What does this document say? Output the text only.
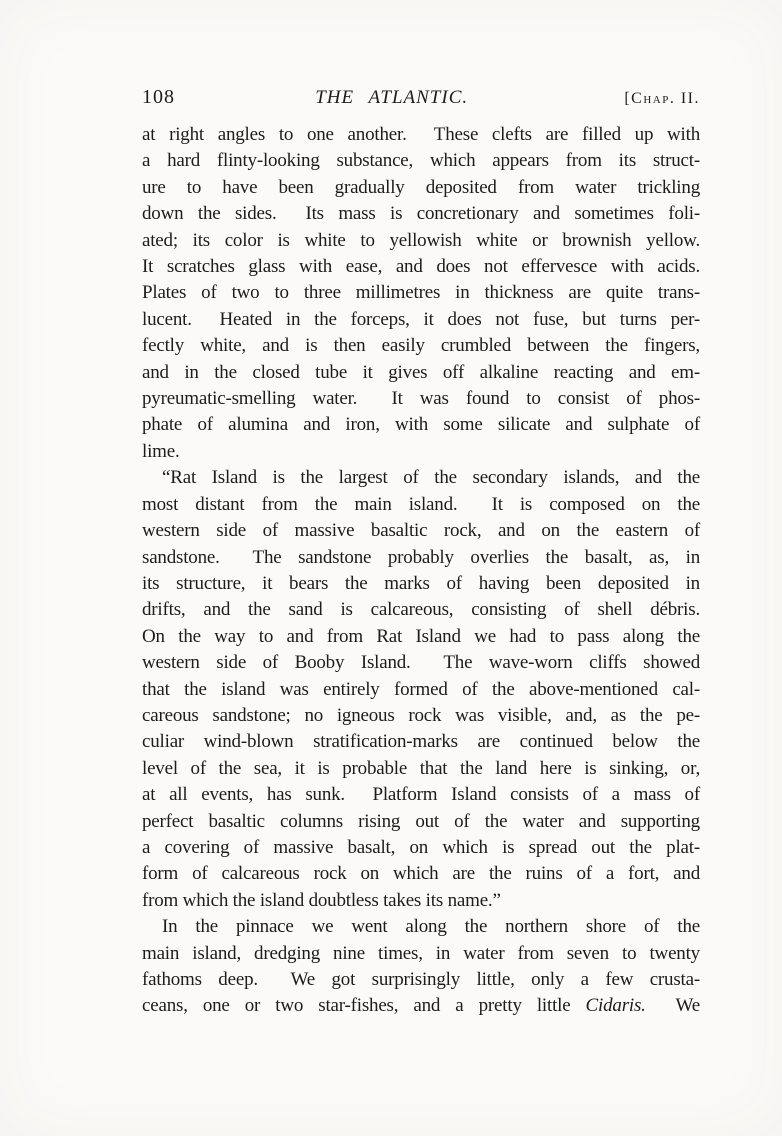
108	THE ATLANTIC.	[Chap. II.
at right angles to one another.  These clefts are filled up with
a hard flinty-looking substance, which appears from its struct-
ure to have been gradually deposited from water trickling
down the sides.  Its mass is concretionary and sometimes foli-
ated; its color is white to yellowish white or brownish yellow.
It scratches glass with ease, and does not effervesce with acids.
Plates of two to three millimetres in thickness are quite trans-
lucent.  Heated in the forceps, it does not fuse, but turns per-
fectly white, and is then easily crumbled between the fingers,
and in the closed tube it gives off alkaline reacting and em-
pyreumatic-smelling water.  It was found to consist of phos-
phate of alumina and iron, with some silicate and sulphate of
lime.
“Rat Island is the largest of the secondary islands, and the
most distant from the main island.  It is composed on the
western side of massive basaltic rock, and on the eastern of
sandstone.  The sandstone probably overlies the basalt, as, in
its structure, it bears the marks of having been deposited in
drifts, and the sand is calcareous, consisting of shell débris.
On the way to and from Rat Island we had to pass along the
western side of Booby Island.  The wave-worn cliffs showed
that the island was entirely formed of the above-mentioned cal-
careous sandstone; no igneous rock was visible, and, as the pe-
culiar wind-blown stratification-marks are continued below the
level of the sea, it is probable that the land here is sinking, or,
at all events, has sunk.  Platform Island consists of a mass of
perfect basaltic columns rising out of the water and supporting
a covering of massive basalt, on which is spread out the plat-
form of calcareous rock on which are the ruins of a fort, and
from which the island doubtless takes its name.”
In the pinnace we went along the northern shore of the
main island, dredging nine times, in water from seven to twenty
fathoms deep.  We got surprisingly little, only a few crusta-
ceans, one or two star-fishes, and a pretty little Cidaris.  We
